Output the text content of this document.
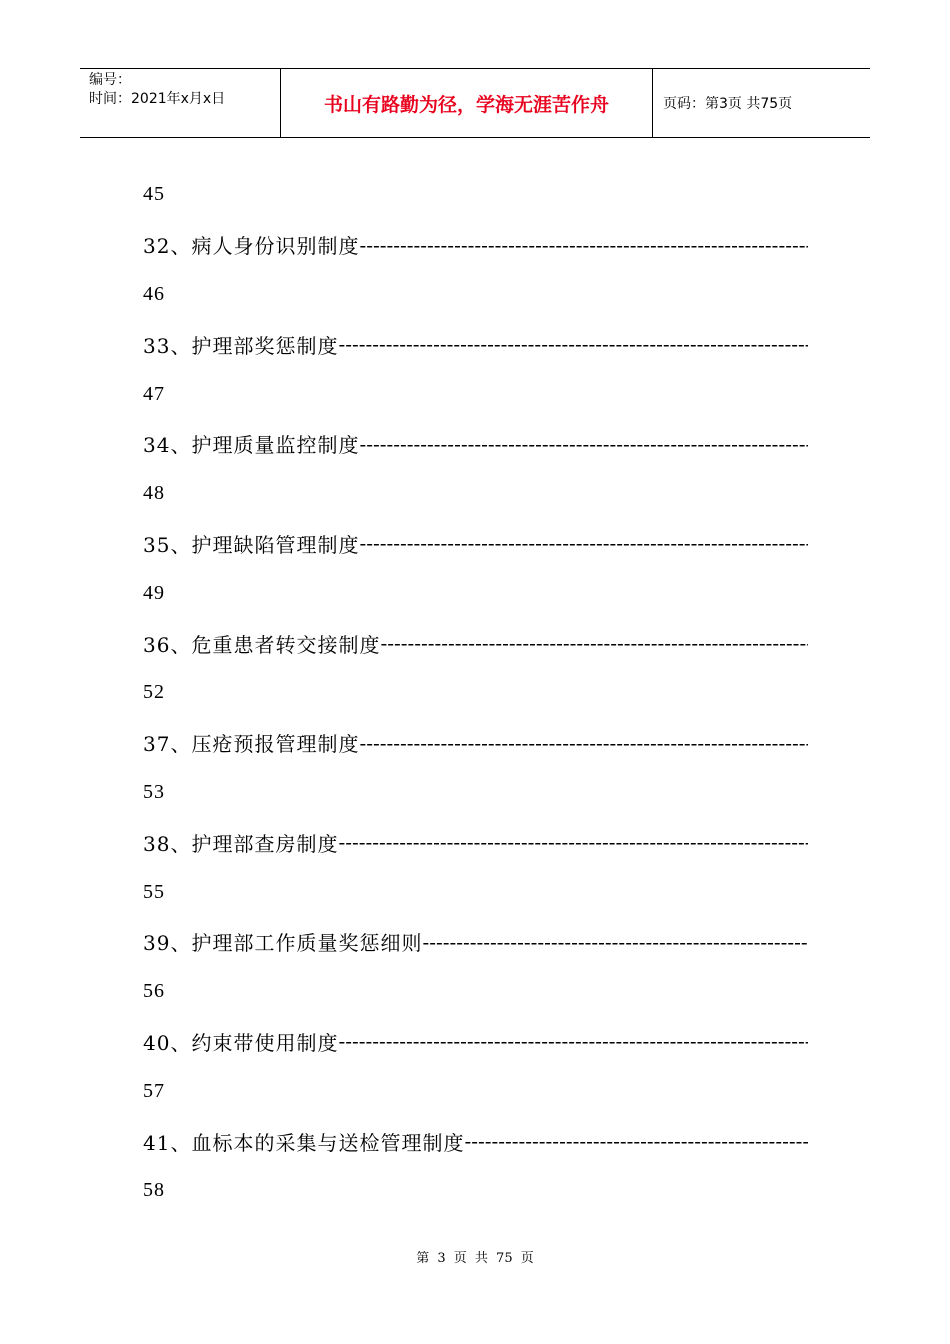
编号：
时间：2021年x月x日	书山有路勤为径，学海无涯苦作舟	页码：第3页 共75页
45
32、病人身份识别制度
-----
46
33、护理部奖惩制度
-----
47
34、护理质量监控制度
-----
48
35、护理缺陷管理制度
-----
49
36、危重患者转交接制度
-----
52
37、压疮预报管理制度
-----
53
38、护理部查房制度
-----
55
39、护理部工作质量奖惩细则
-----
56
40、约束带使用制度
-----
57
41、血标本的采集与送检管理制度
-----
58
第 3 页 共 75 页
